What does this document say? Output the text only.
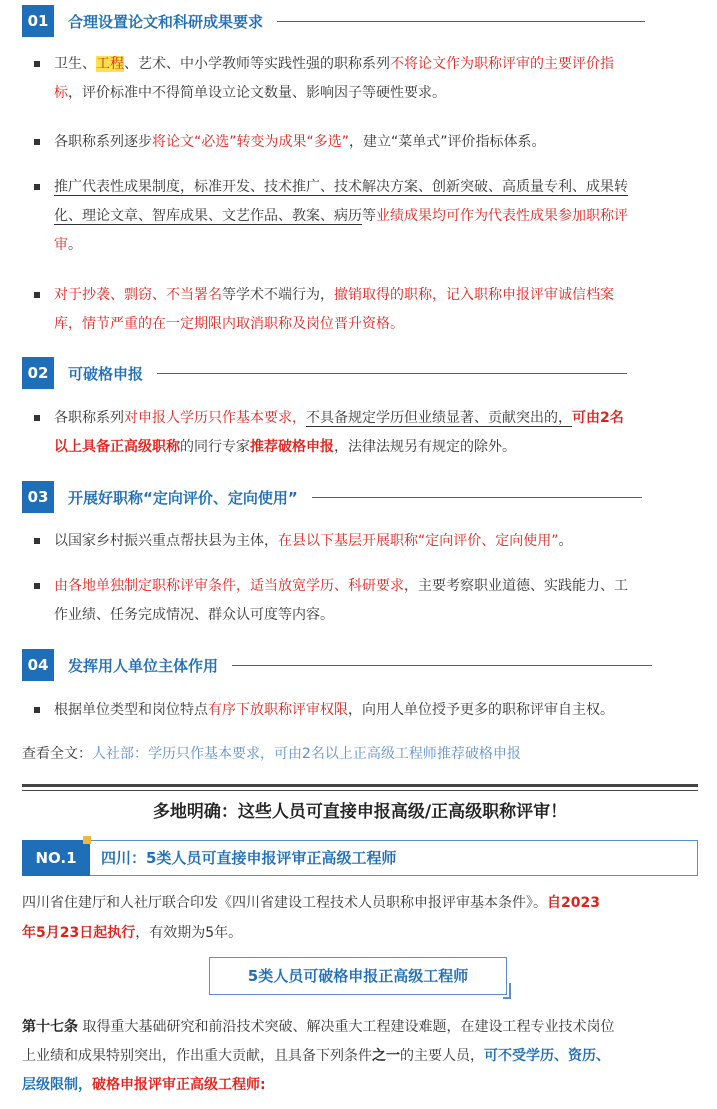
01	合理设置论文和科研成果要求
卫生、工程、艺术、中小学教师等实践性强的职称系列不将论文作为职称评审的主要评价指
标，评价标准中不得简单设立论文数量、影响因子等硬性要求。
各职称系列逐步将论文“必选”转变为成果“多选”，建立“菜单式”评价指标体系。
推广代表性成果制度，标准开发、技术推广、技术解决方案、创新突破、高质量专利、成果转
化、理论文章、智库成果、文艺作品、教案、病历等业绩成果均可作为代表性成果参加职称评
审。
对于抄袭、剽窃、不当署名等学术不端行为，撤销取得的职称，记入职称申报评审诚信档案
库，情节严重的在一定期限内取消职称及岗位晋升资格。
02	可破格申报
各职称系列对申报人学历只作基本要求，不具备规定学历但业绩显著、贡献突出的，可由2名
以上具备正高级职称的同行专家推荐破格申报，法律法规另有规定的除外。
03	开展好职称“定向评价、定向使用”
以国家乡村振兴重点帮扶县为主体，在县以下基层开展职称“定向评价、定向使用”。
由各地单独制定职称评审条件，适当放宽学历、科研要求，主要考察职业道德、实践能力、工
作业绩、任务完成情况、群众认可度等内容。
04	发挥用人单位主体作用
根据单位类型和岗位特点有序下放职称评审权限，向用人单位授予更多的职称评审自主权。
查看全文：人社部：学历只作基本要求，可由2名以上正高级工程师推荐破格申报
多地明确：这些人员可直接申报高级/正高级职称评审！
NO.1	四川：5类人员可直接申报评审正高级工程师
四川省住建厅和人社厅联合印发《四川省建设工程技术人员职称申报评审基本条件》。自2023
年5月23日起执行，有效期为5年。
5类人员可破格申报正高级工程师
第十七条 取得重大基础研究和前沿技术突破、解决重大工程建设难题，在建设工程专业技术岗位
上业绩和成果特别突出，作出重大贡献，且具备下列条件之一的主要人员，可不受学历、资历、
层级限制，破格申报评审正高级工程师:
